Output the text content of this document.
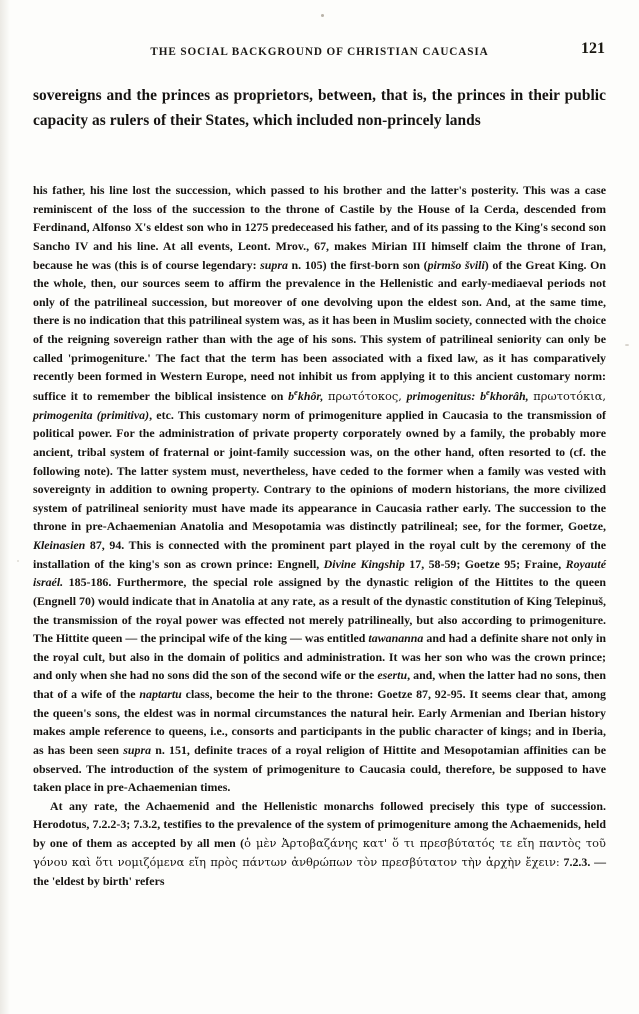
THE SOCIAL BACKGROUND OF CHRISTIAN CAUCASIA	121

sovereigns and the princes as proprietors, between, that is, the princes in their public capacity as rulers of their States, which included non-princely lands

his father, his line lost the succession, which passed to his brother and the latter's posterity. This was a case reminiscent of the loss of the succession to the throne of Castile by the House of la Cerda, descended from Ferdinand, Alfonso X's eldest son who in 1275 predeceased his father, and of its passing to the King's second son Sancho IV and his line. At all events, Leont. Mrov., 67, makes Mirian III himself claim the throne of Iran, because he was (this is of course legendary: supra n. 105) the first-born son (pirmšo švili) of the Great King. On the whole, then, our sources seem to affirm the prevalence in the Hellenistic and early-mediaeval periods not only of the patrilineal succession, but moreover of one devolving upon the eldest son. And, at the same time, there is no indication that this patrilineal system was, as it has been in Muslim society, connected with the choice of the reigning sovereign rather than with the age of his sons. This system of patrilineal seniority can only be called 'primogeniture.' The fact that the term has been associated with a fixed law, as it has comparatively recently been formed in Western Europe, need not inhibit us from applying it to this ancient customary norm: suffice it to remember the biblical insistence on $b^ekhôr$, πρωτότοκος, primogenitus: $b^ekhorâh$, πρωτοτόκια, primogenita (primitiva), etc. This customary norm of primogeniture applied in Caucasia to the transmission of political power. For the administration of private property corporately owned by a family, the probably more ancient, tribal system of fraternal or joint-family succession was, on the other hand, often resorted to (cf. the following note). The latter system must, nevertheless, have ceded to the former when a family was vested with sovereignty in addition to owning property. Contrary to the opinions of modern historians, the more civilized system of patrilineal seniority must have made its appearance in Caucasia rather early. The succession to the throne in pre-Achaemenian Anatolia and Mesopotamia was distinctly patrilineal; see, for the former, Goetze, Kleinasien 87, 94. This is connected with the prominent part played in the royal cult by the ceremony of the installation of the king's son as crown prince: Engnell, Divine Kingship 17, 58-59; Goetze 95; Fraine, Royauté israél. 185-186. Furthermore, the special role assigned by the dynastic religion of the Hittites to the queen (Engnell 70) would indicate that in Anatolia at any rate, as a result of the dynastic constitution of King Telepinuš, the transmission of the royal power was effected not merely patrilineally, but also according to primogeniture. The Hittite queen — the principal wife of the king — was entitled tawananna and had a definite share not only in the royal cult, but also in the domain of politics and administration. It was her son who was the crown prince; and only when she had no sons did the son of the second wife or the esertu, and, when the latter had no sons, then that of a wife of the naptartu class, become the heir to the throne: Goetze 87, 92-95. It seems clear that, among the queen's sons, the eldest was in normal circumstances the natural heir. Early Armenian and Iberian history makes ample reference to queens, i.e., consorts and participants in the public character of kings; and in Iberia, as has been seen supra n. 151, definite traces of a royal religion of Hittite and Mesopotamian affinities can be observed. The introduction of the system of primogeniture to Caucasia could, therefore, be supposed to have taken place in pre-Achaemenian times.

At any rate, the Achaemenid and the Hellenistic monarchs followed precisely this type of succession. Herodotus, 7.2.2-3; 7.3.2, testifies to the prevalence of the system of primogeniture among the Achaemenids, held by one of them as accepted by all men (ὁ μὲν Ἀρτοβαζάνης κατ' ὅ τι πρεσβύτατός τε εἴη παντὸς τοῦ γόνου καὶ ὅτι νομιζόμενα εἴη πρὸς πάντων ἀνθρώπων τὸν πρεσβύτατον τὴν ἀρχὴν ἔχειν: 7.2.3. — the 'eldest by birth' refers
